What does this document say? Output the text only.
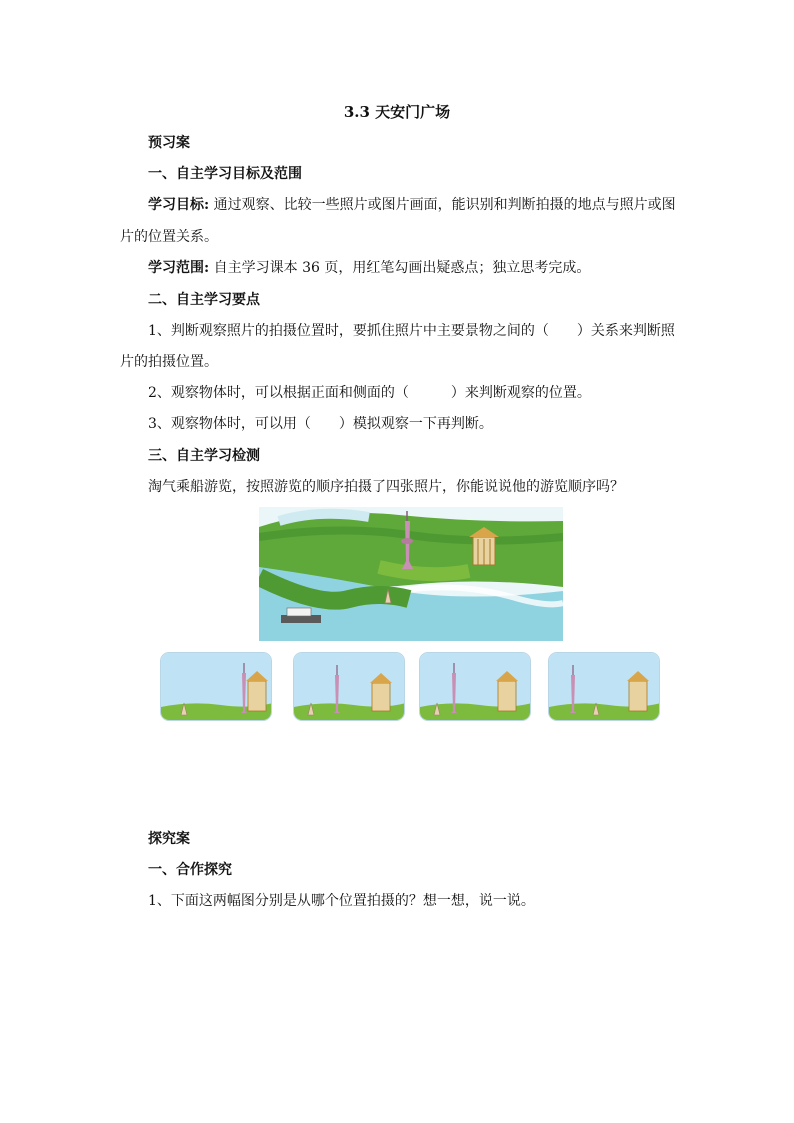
3.3 天安门广场
预习案
一、自主学习目标及范围
学习目标: 通过观察、比较一些照片或图片画面，能识别和判断拍摄的地点与照片或图
片的位置关系。
学习范围: 自主学习课本 36 页，用红笔勾画出疑惑点；独立思考完成。
二、自主学习要点
1、判断观察照片的拍摄位置时，要抓住照片中主要景物之间的（　　）关系来判断照
片的拍摄位置。
2、观察物体时，可以根据正面和侧面的（　　　）来判断观察的位置。
3、观察物体时，可以用（　　）模拟观察一下再判断。
三、自主学习检测
淘气乘船游览，按照游览的顺序拍摄了四张照片，你能说说他的游览顺序吗？
探究案
一、合作探究
1、下面这两幅图分别是从哪个位置拍摄的？想一想，说一说。
